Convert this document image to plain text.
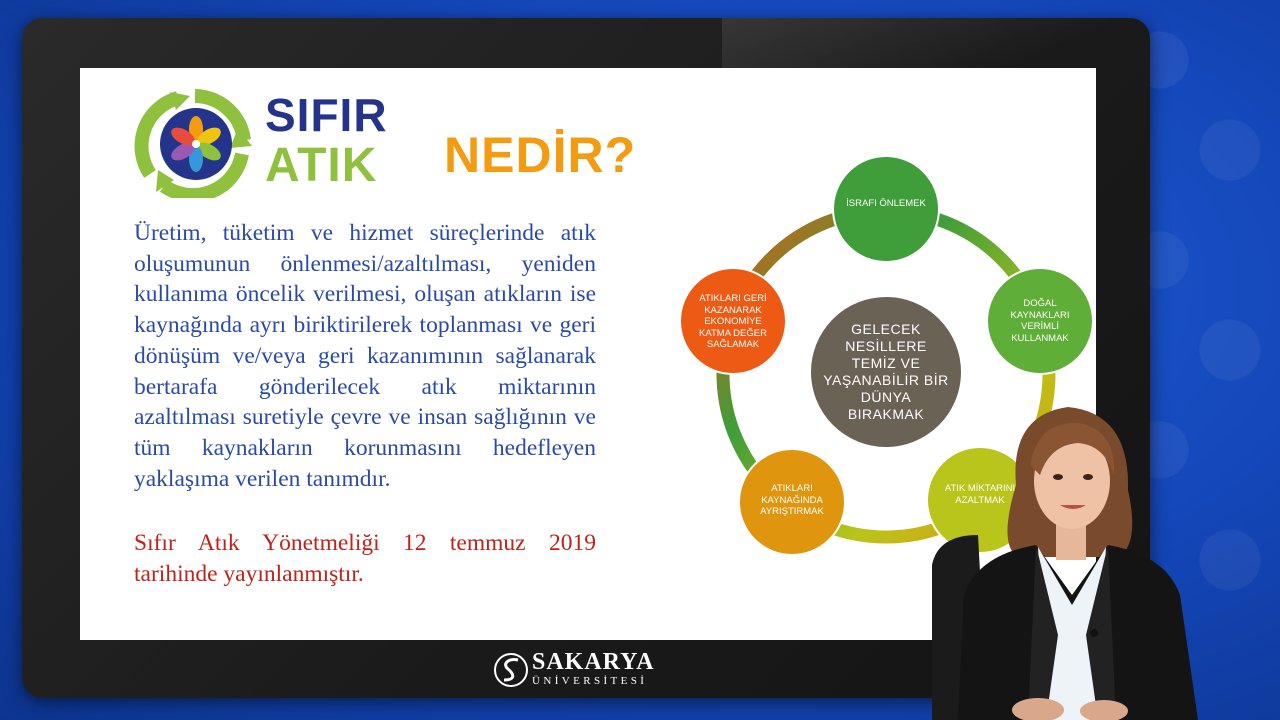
SIFIR
ATIK NEDİR?
Üretim, tüketim ve hizmet süreçlerinde atık oluşumunun önlenmesi/azaltılması, yeniden kullanıma öncelik verilmesi, oluşan atıkların ise kaynağında ayrı biriktirilerek toplanması ve geri dönüşüm ve/veya geri kazanımının sağlanarak bertarafa gönderilecek atık miktarının azaltılması suretiyle çevre ve insan sağlığının ve tüm kaynakların korunmasını hedefleyen yaklaşıma verilen tanımdır.
Sıfır Atık Yönetmeliği 12 temmuz 2019 tarihinde yayınlanmıştır.
GELECEK NESİLLERE TEMİZ VE YAŞANABİLİR BİR DÜNYA BIRAKMAK
İSRAFI ÖNLEMEK
DOĞAL KAYNAKLARI VERİMLİ KULLANMAK
ATIK MİKTARINI AZALTMAK
ATIKLARI KAYNAĞINDA AYRIŞTIRMAK
ATIKLARI GERİ KAZANARAK EKONOMİYE KATMA DEĞER SAĞLAMAK
SAKARYA
ÜNİVERSİTESİ
